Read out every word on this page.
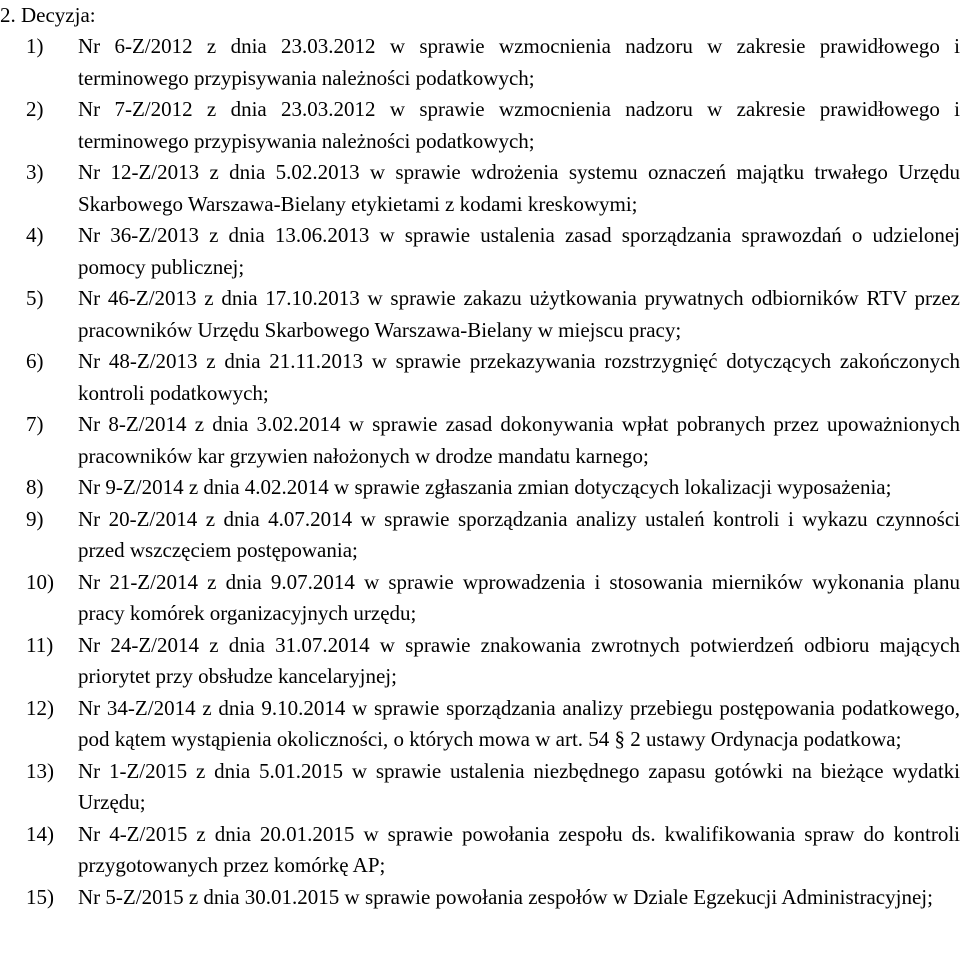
2. Decyzja:
1) Nr 6-Z/2012 z dnia 23.03.2012 w sprawie wzmocnienia nadzoru w zakresie prawidłowego i terminowego przypisywania należności podatkowych;
2) Nr 7-Z/2012 z dnia 23.03.2012 w sprawie wzmocnienia nadzoru w zakresie prawidłowego i terminowego przypisywania należności podatkowych;
3) Nr 12-Z/2013 z dnia 5.02.2013 w sprawie wdrożenia systemu oznaczeń majątku trwałego Urzędu Skarbowego Warszawa-Bielany etykietami z kodami kreskowymi;
4) Nr 36-Z/2013 z dnia 13.06.2013 w sprawie ustalenia zasad sporządzania sprawozdań o udzielonej pomocy publicznej;
5) Nr 46-Z/2013 z dnia 17.10.2013 w sprawie zakazu użytkowania prywatnych odbiorników RTV przez pracowników Urzędu Skarbowego Warszawa-Bielany w miejscu pracy;
6) Nr 48-Z/2013 z dnia 21.11.2013 w sprawie przekazywania rozstrzygnięć dotyczących zakończonych kontroli podatkowych;
7) Nr 8-Z/2014 z dnia 3.02.2014 w sprawie zasad dokonywania wpłat pobranych przez upoważnionych pracowników kar grzywien nałożonych w drodze mandatu karnego;
8) Nr 9-Z/2014 z dnia 4.02.2014 w sprawie zgłaszania zmian dotyczących lokalizacji wyposażenia;
9) Nr 20-Z/2014 z dnia 4.07.2014 w sprawie sporządzania analizy ustaleń kontroli i wykazu czynności przed wszczęciem postępowania;
10) Nr 21-Z/2014 z dnia 9.07.2014 w sprawie wprowadzenia i stosowania mierników wykonania planu pracy komórek organizacyjnych urzędu;
11) Nr 24-Z/2014 z dnia 31.07.2014 w sprawie znakowania zwrotnych potwierdzeń odbioru mających priorytet przy obsłudze kancelaryjnej;
12) Nr 34-Z/2014 z dnia 9.10.2014 w sprawie sporządzania analizy przebiegu postępowania podatkowego, pod kątem wystąpienia okoliczności, o których mowa w art. 54 § 2 ustawy Ordynacja podatkowa;
13) Nr 1-Z/2015 z dnia 5.01.2015 w sprawie ustalenia niezbędnego zapasu gotówki na bieżące wydatki Urzędu;
14) Nr 4-Z/2015 z dnia 20.01.2015 w sprawie powołania zespołu ds. kwalifikowania spraw do kontroli przygotowanych przez komórkę AP;
15) Nr 5-Z/2015 z dnia 30.01.2015 w sprawie powołania zespołów w Dziale Egzekucji Administracyjnej;
